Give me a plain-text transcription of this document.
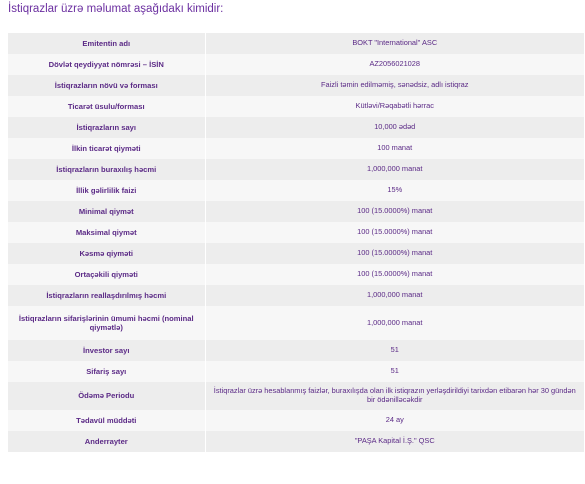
İstiqrazlar üzrə məlumat aşağıdakı kimidir:
Emitentin adı	BOKT "International" ASC
Dövlət qeydiyyat nömrəsi – İSİN	AZ2056021028
İstiqrazların növü və forması	Faizli təmin edilməmiş, sənədsiz, adlı istiqraz
Ticarət üsulu/forması	Kütləvi/Rəqabətli hərrac
İstiqrazların sayı	10,000 ədəd
İlkin ticarət qiyməti	100 manat
İstiqrazların buraxılış həcmi	1,000,000 manat
İllik gəlirlilik faizi	15%
Minimal qiymət	100 (15.0000%) manat
Maksimal qiymət	100 (15.0000%) manat
Kəsmə qiyməti	100 (15.0000%) manat
Ortaçəkili qiyməti	100 (15.0000%) manat
İstiqrazların reallaşdırılmış həcmi	1,000,000 manat
İstiqrazların sifarişlərinin ümumi həcmi (nominal qiymətlə)	1,000,000 manat
İnvestor sayı	51
Sifariş sayı	51
Ödəmə Periodu	İstiqrazlar üzrə hesablanmış faizlər, buraxılışda olan ilk istiqrazın yerləşdirildiyi tarixdən etibarən hər 30 gündən bir ödənilləcəkdir
Tədavül müddəti	24 ay
Anderrayter	"PAŞA Kapital İ.Ş." QSC
